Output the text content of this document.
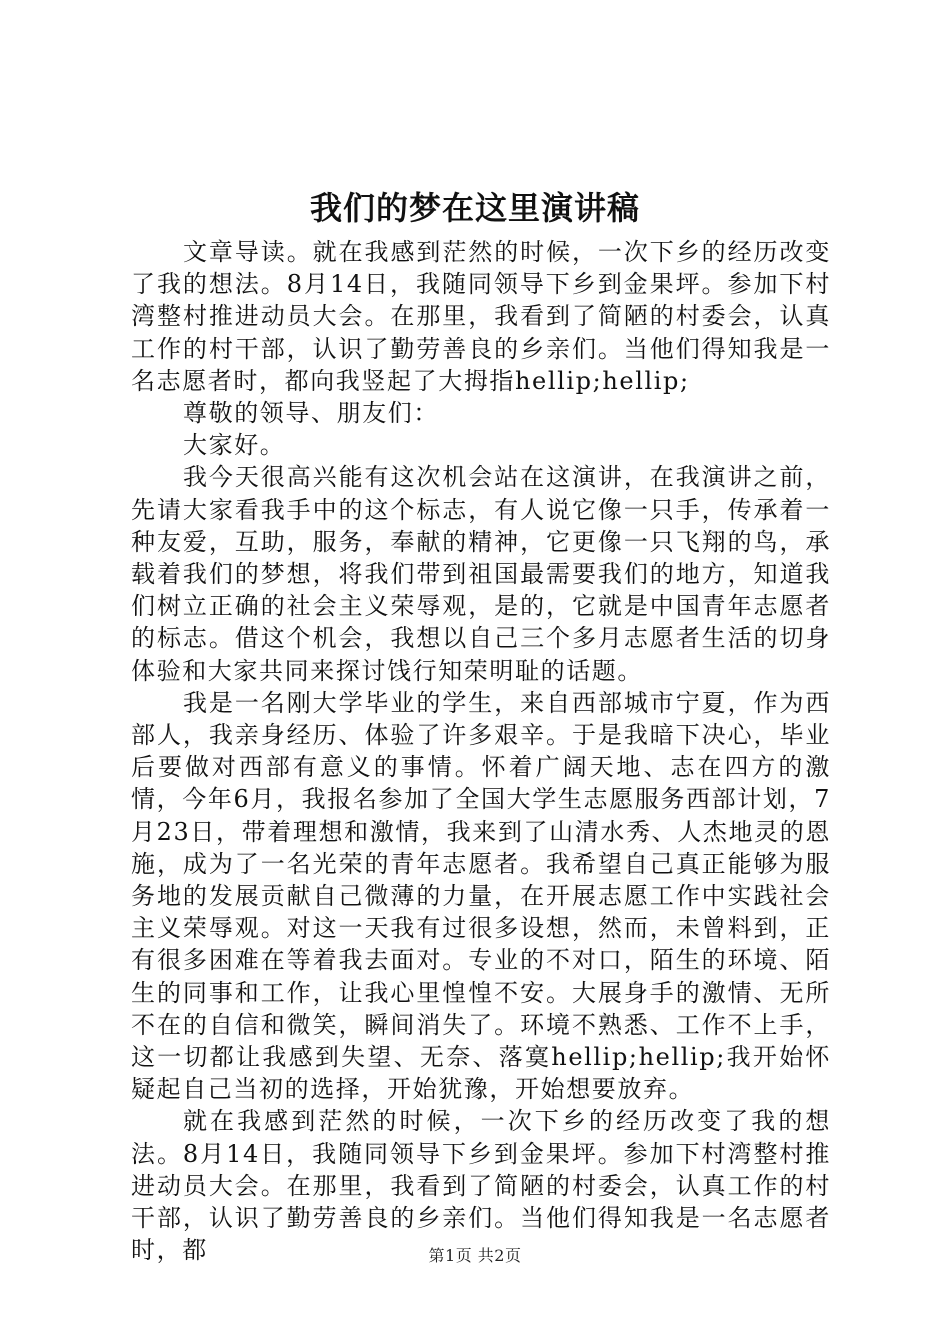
我们的梦在这里演讲稿

文章导读。就在我感到茫然的时候，一次下乡的经历改变了我的想法。8月14日，我随同领导下乡到金果坪。参加下村湾整村推进动员大会。在那里，我看到了简陋的村委会，认真工作的村干部，认识了勤劳善良的乡亲们。当他们得知我是一名志愿者时，都向我竖起了大拇指hellip;hellip;

尊敬的领导、朋友们：

大家好。

我今天很高兴能有这次机会站在这演讲，在我演讲之前，先请大家看我手中的这个标志，有人说它像一只手，传承着一种友爱，互助，服务，奉献的精神，它更像一只飞翔的鸟，承载着我们的梦想，将我们带到祖国最需要我们的地方，知道我们树立正确的社会主义荣辱观，是的，它就是中国青年志愿者的标志。借这个机会，我想以自己三个多月志愿者生活的切身体验和大家共同来探讨饯行知荣明耻的话题。

我是一名刚大学毕业的学生，来自西部城市宁夏，作为西部人，我亲身经历、体验了许多艰辛。于是我暗下决心，毕业后要做对西部有意义的事情。怀着广阔天地、志在四方的激情，今年6月，我报名参加了全国大学生志愿服务西部计划，7月23日，带着理想和激情，我来到了山清水秀、人杰地灵的恩施，成为了一名光荣的青年志愿者。我希望自己真正能够为服务地的发展贡献自己微薄的力量，在开展志愿工作中实践社会主义荣辱观。对这一天我有过很多设想，然而，未曾料到，正有很多困难在等着我去面对。专业的不对口，陌生的环境、陌生的同事和工作，让我心里惶惶不安。大展身手的激情、无所不在的自信和微笑，瞬间消失了。环境不熟悉、工作不上手，这一切都让我感到失望、无奈、落寞hellip;hellip;我开始怀疑起自己当初的选择，开始犹豫，开始想要放弃。

就在我感到茫然的时候，一次下乡的经历改变了我的想法。8月14日，我随同领导下乡到金果坪。参加下村湾整村推进动员大会。在那里，我看到了简陋的村委会，认真工作的村干部，认识了勤劳善良的乡亲们。当他们得知我是一名志愿者时，都	第1页 共2页
